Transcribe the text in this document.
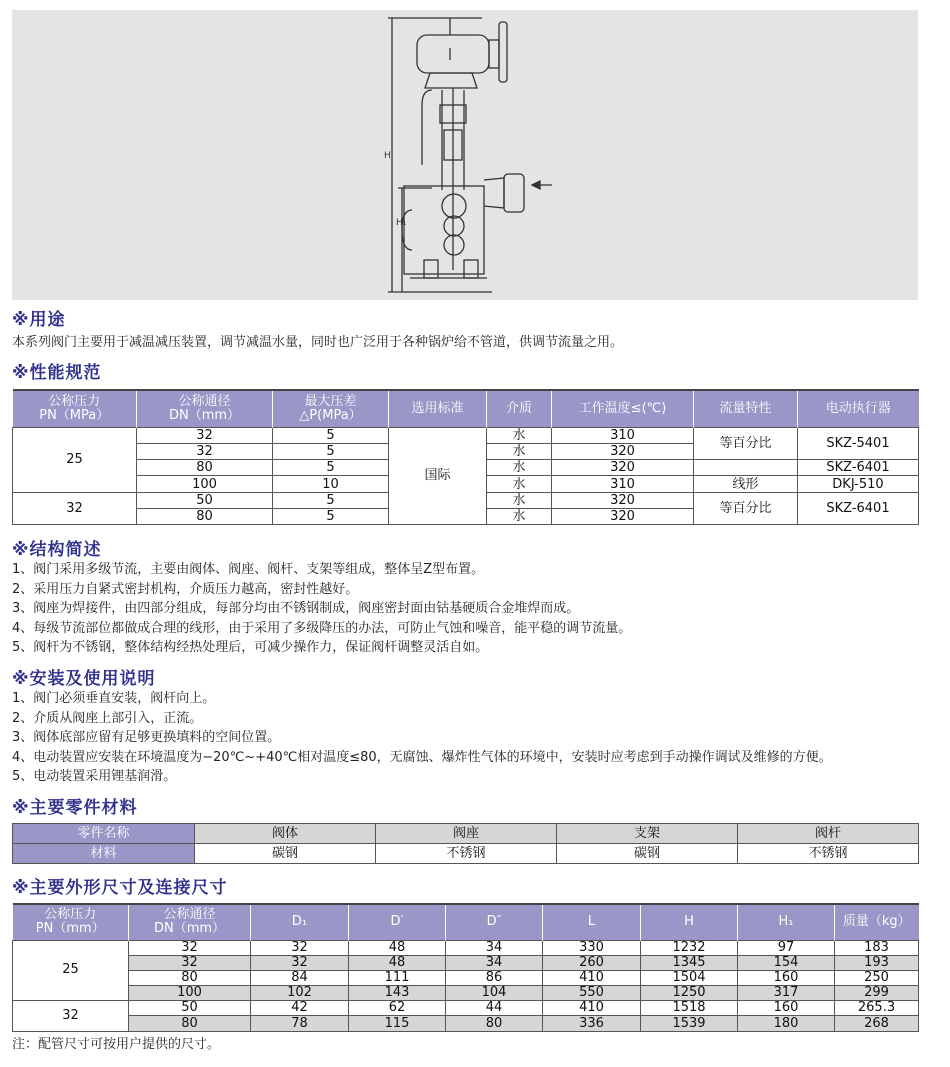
H
H₁
※用途
本系列阀门主要用于减温减压装置，调节减温水量，同时也广泛用于各种锅炉给不管道，供调节流量之用。
※性能规范
公称压力
PN（MPa）	公称通径
DN（mm）	最大压差
△P(MPa）	选用标准	介质	工作温度≤(℃)	流量特性	电动执行器
25	32	5	国际	水	310	等百分比	SKZ-5401
	32	5		水	320		
	80	5		水	320		SKZ-6401
	100	10		水	310	线形	DKJ-510
32	50	5		水	320	等百分比	SKZ-6401
	80	5		水	320		
※结构简述
1、阀门采用多级节流，主要由阀体、阀座、阀杆、支架等组成，整体呈Z型布置。
2、采用压力自紧式密封机构，介质压力越高，密封性越好。
3、阀座为焊接件，由四部分组成，每部分均由不锈钢制成，阀座密封面由钴基硬质合金堆焊而成。
4、每级节流部位都做成合理的线形，由于采用了多级降压的办法，可防止气蚀和噪音，能平稳的调节流量。
5、阀杆为不锈钢，整体结构经热处理后，可减少操作力，保证阀杆调整灵活自如。
※安装及使用说明
1、阀门必须垂直安装，阀杆向上。
2、介质从阀座上部引入，正流。
3、阀体底部应留有足够更换填料的空间位置。
4、电动装置应安装在环境温度为−20℃~+40℃相对温度≤80，无腐蚀、爆炸性气体的环境中，安装时应考虑到手动操作调试及维修的方便。
5、电动装置采用锂基润滑。
※主要零件材料
零件名称	阀体	阀座	支架	阀杆
材料	碳钢	不锈钢	碳钢	不锈钢
※主要外形尺寸及连接尺寸
公称压力
PN（mm）	公称通径
DN（mm）	D₁	D′	D″	L	H	H₁	质量（kg）
25	32	32	48	34	330	1232	97	183
	32	32	48	34	260	1345	154	193
	80	84	111	86	410	1504	160	250
	100	102	143	104	550	1250	317	299
32	50	42	62	44	410	1518	160	265.3
	80	78	115	80	336	1539	180	268
注：配管尺寸可按用户提供的尺寸。
